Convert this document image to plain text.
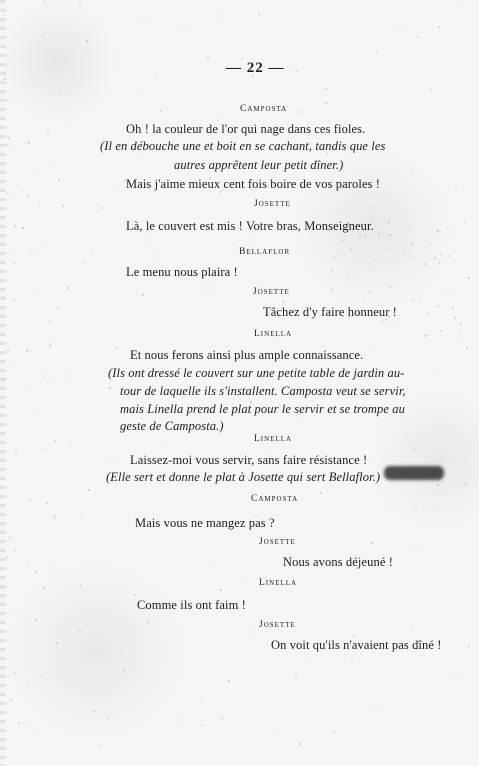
— 22 —
Camposta
Oh ! la couleur de l'or qui nage dans ces fioles.
(Il en débouche une et boit en se cachant, tandis que les
autres apprêtent leur petit dîner.)
Mais j'aime mieux cent fois boire de vos paroles !
Josette
Là, le couvert est mis ! Votre bras, Monseigneur.
Bellaflor
Le menu nous plaira !
Josette
Tâchez d'y faire honneur !
Linella
Et nous ferons ainsi plus ample connaissance.
(Ils ont dressé le couvert sur une petite table de jardin au-
tour de laquelle ils s'installent. Camposta veut se servir,
mais Linella prend le plat pour le servir et se trompe au
geste de Camposta.)
Linella
Laissez-moi vous servir, sans faire résistance !
(Elle sert et donne le plat à Josette qui sert Bellaflor.)
Camposta
Mais vous ne mangez pas ?
Josette
Nous avons déjeuné !
Linella
Comme ils ont faim !
Josette
On voit qu'ils n'avaient pas dîné !
